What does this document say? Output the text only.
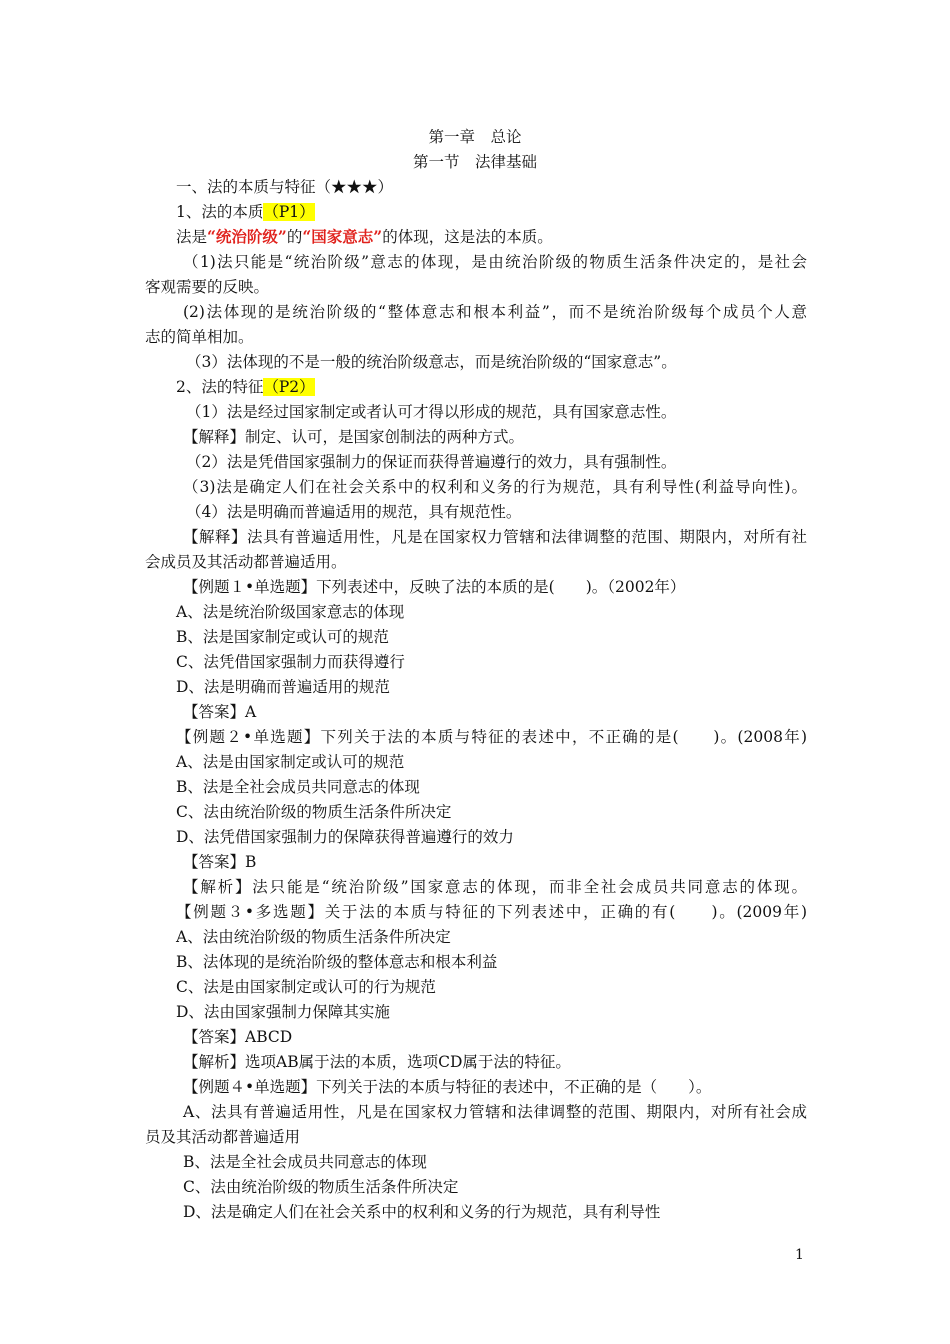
第一章　总论
第一节　法律基础
一、法的本质与特征（★★★）
1、法的本质（P1）
法是“统治阶级”的“国家意志”的体现，这是法的本质。
（1)法只能是“统治阶级”意志的体现，是由统治阶级的物质生活条件决定的，是社会
客观需要的反映。
(2)法体现的是统治阶级的“整体意志和根本利益”，而不是统治阶级每个成员个人意
志的简单相加。
（3）法体现的不是一般的统治阶级意志，而是统治阶级的“国家意志”。
2、法的特征（P2）
（1）法是经过国家制定或者认可才得以形成的规范，具有国家意志性。
【解释】制定、认可，是国家创制法的两种方式。
（2）法是凭借国家强制力的保证而获得普遍遵行的效力，具有强制性。
（3)法是确定人们在社会关系中的权利和义务的行为规范，具有利导性(利益导向性)。
（4）法是明确而普遍适用的规范，具有规范性。
【解释】法具有普遍适用性，凡是在国家权力管辖和法律调整的范围、期限内，对所有社
会成员及其活动都普遍适用。
【例题１•单选题】下列表述中，反映了法的本质的是(　　)。（2002年）
A、法是统治阶级国家意志的体现
B、法是国家制定或认可的规范
C、法凭借国家强制力而获得遵行
D、法是明确而普遍适用的规范
【答案】A
【例题２•单选题】下列关于法的本质与特征的表述中，不正确的是(　　)。(2008年)
A、法是由国家制定或认可的规范
B、法是全社会成员共同意志的体现
C、法由统治阶级的物质生活条件所决定
D、法凭借国家强制力的保障获得普遍遵行的效力
【答案】B
【解析】法只能是“统治阶级”国家意志的体现，而非全社会成员共同意志的体现。
【例题３•多选题】关于法的本质与特征的下列表述中，正确的有(　　)。(2009年)
A、法由统治阶级的物质生活条件所决定
B、法体现的是统治阶级的整体意志和根本利益
C、法是由国家制定或认可的行为规范
D、法由国家强制力保障其实施
【答案】ABCD
【解析】选项AB属于法的本质，选项CD属于法的特征。
【例题４•单选题】下列关于法的本质与特征的表述中，不正确的是（　　）。
A、法具有普遍适用性，凡是在国家权力管辖和法律调整的范围、期限内，对所有社会成
员及其活动都普遍适用
B、法是全社会成员共同意志的体现
C、法由统治阶级的物质生活条件所决定
D、法是确定人们在社会关系中的权利和义务的行为规范，具有利导性
1
